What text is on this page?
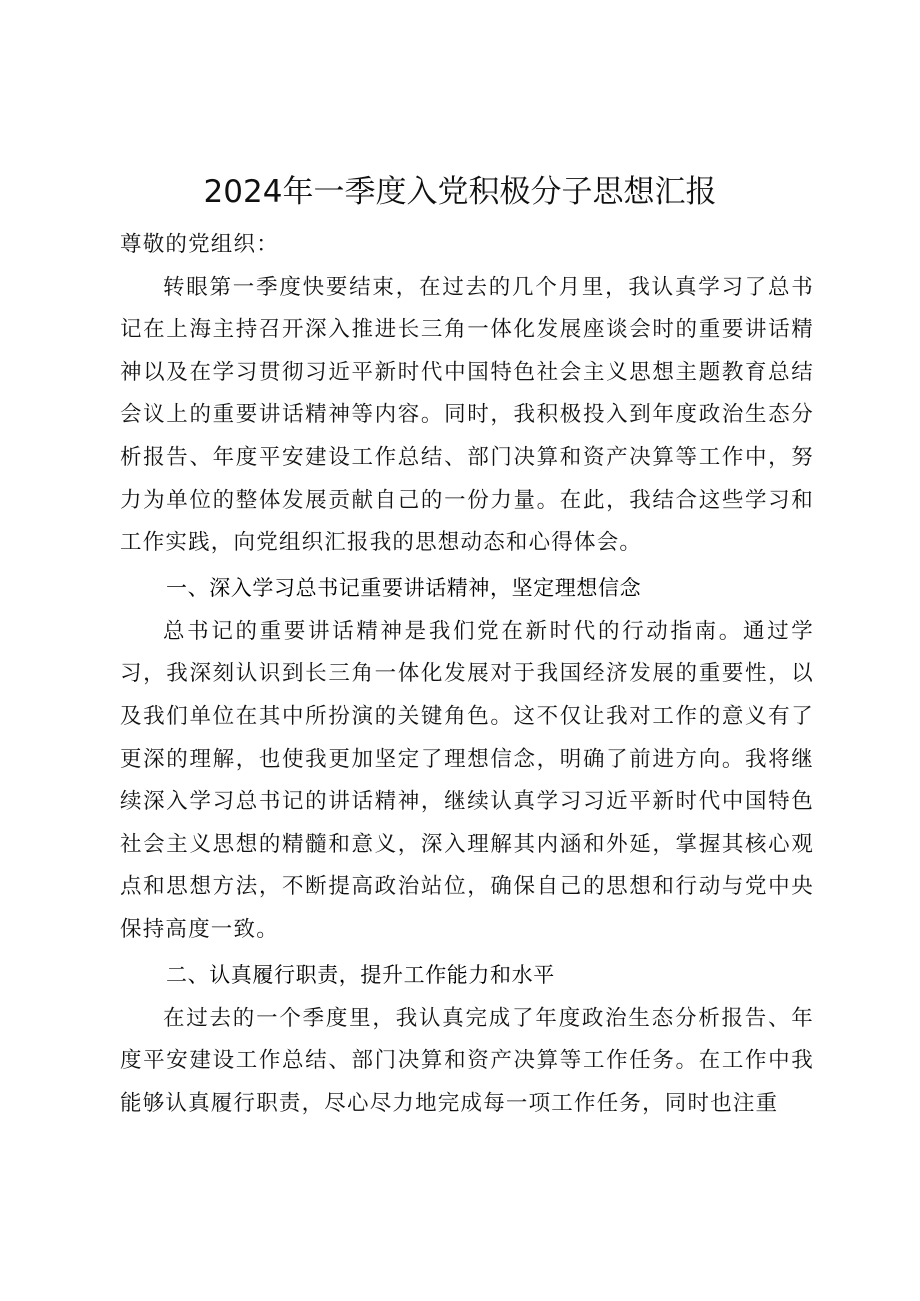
2024年一季度入党积极分子思想汇报

尊敬的党组织：

转眼第一季度快要结束，在过去的几个月里，我认真学习了总书记在上海主持召开深入推进长三角一体化发展座谈会时的重要讲话精神以及在学习贯彻习近平新时代中国特色社会主义思想主题教育总结会议上的重要讲话精神等内容。同时，我积极投入到年度政治生态分析报告、年度平安建设工作总结、部门决算和资产决算等工作中，努力为单位的整体发展贡献自己的一份力量。在此，我结合这些学习和工作实践，向党组织汇报我的思想动态和心得体会。

一、深入学习总书记重要讲话精神，坚定理想信念

总书记的重要讲话精神是我们党在新时代的行动指南。通过学习，我深刻认识到长三角一体化发展对于我国经济发展的重要性，以及我们单位在其中所扮演的关键角色。这不仅让我对工作的意义有了更深的理解，也使我更加坚定了理想信念，明确了前进方向。我将继续深入学习总书记的讲话精神，继续认真学习习近平新时代中国特色社会主义思想的精髓和意义，深入理解其内涵和外延，掌握其核心观点和思想方法，不断提高政治站位，确保自己的思想和行动与党中央保持高度一致。

二、认真履行职责，提升工作能力和水平

在过去的一个季度里，我认真完成了年度政治生态分析报告、年度平安建设工作总结、部门决算和资产决算等工作任务。在工作中我能够认真履行职责，尽心尽力地完成每一项工作任务，同时也注重
